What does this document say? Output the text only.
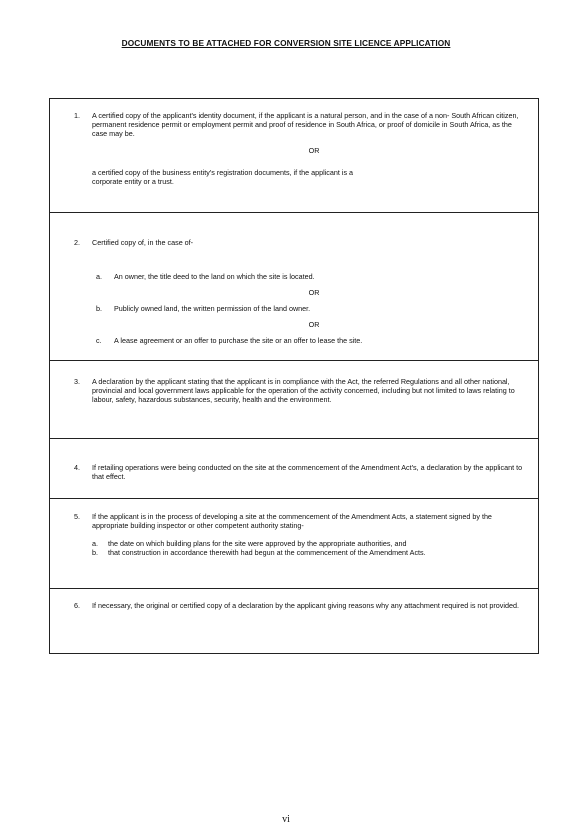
DOCUMENTS TO BE ATTACHED FOR CONVERSION SITE LICENCE APPLICATION
1. A certified copy of the applicant's identity document, if the applicant is a natural person, and in the case of a non- South African citizen, permanent residence permit or employment permit and proof of residence in South Africa, or proof of domicile in South Africa, as the case may be.
OR
a certified copy of the business entity's registration documents, if the applicant is a corporate entity or a trust.
2. Certified copy of, in the case of-
a. An owner, the title deed to the land on which the site is located.
OR
b. Publicly owned land, the written permission of the land owner.
OR
c. A lease agreement or an offer to purchase the site or an offer to lease the site.
3. A declaration by the applicant stating that the applicant is in compliance with the Act, the referred Regulations and all other national, provincial and local government laws applicable for the operation of the activity concerned, including but not limited to laws relating to labour, safety, hazardous substances, security, health and the environment.
4. If retailing operations were being conducted on the site at the commencement of the Amendment Act's, a declaration by the applicant to that effect.
5. If the applicant is in the process of developing a site at the commencement of the Amendment Acts, a statement signed by the appropriate building inspector or other competent authority stating-
a. the date on which building plans for the site were approved by the appropriate authorities, and
b. that construction in accordance therewith had begun at the commencement of the Amendment Acts.
6. If necessary, the original or certified copy of a declaration by the applicant giving reasons why any attachment required is not provided.
vi
